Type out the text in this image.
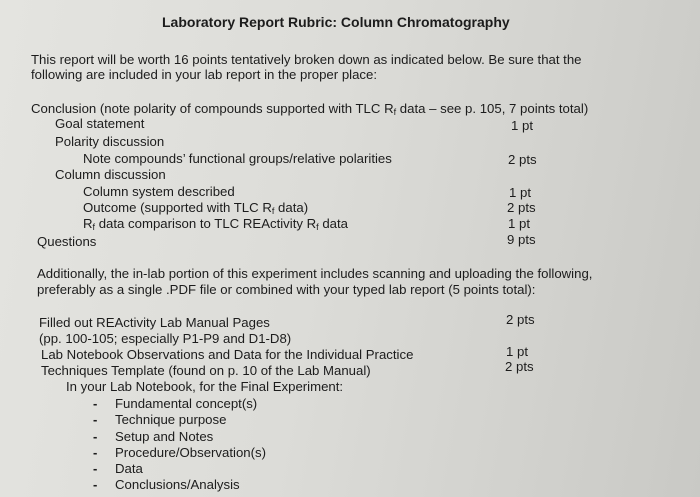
Laboratory Report Rubric: Column Chromatography
This report will be worth 16 points tentatively broken down as indicated below. Be sure that the
following are included in your lab report in the proper place:
Conclusion (note polarity of compounds supported with TLC $R_f$ data – see p. 105, 7 points total)
Goal statement	1 pt
Polarity discussion
Note compounds’ functional groups/relative polarities	2 pts
Column discussion
Column system described	1 pt
Outcome (supported with TLC $R_f$ data)	2 pts
$R_f$ data comparison to TLC REActivity $R_f$ data	1 pt
Questions	9 pts
Additionally, the in-lab portion of this experiment includes scanning and uploading the following,
preferably as a single .PDF file or combined with your typed lab report (5 points total):
Filled out REActivity Lab Manual Pages	2 pts
(pp. 100-105; especially P1-P9 and D1-D8)
Lab Notebook Observations and Data for the Individual Practice	1 pt
Techniques Template (found on p. 10 of the Lab Manual)	2 pts
In your Lab Notebook, for the Final Experiment:
- Fundamental concept(s)
- Technique purpose
- Setup and Notes
- Procedure/Observation(s)
- Data
- Conclusions/Analysis
